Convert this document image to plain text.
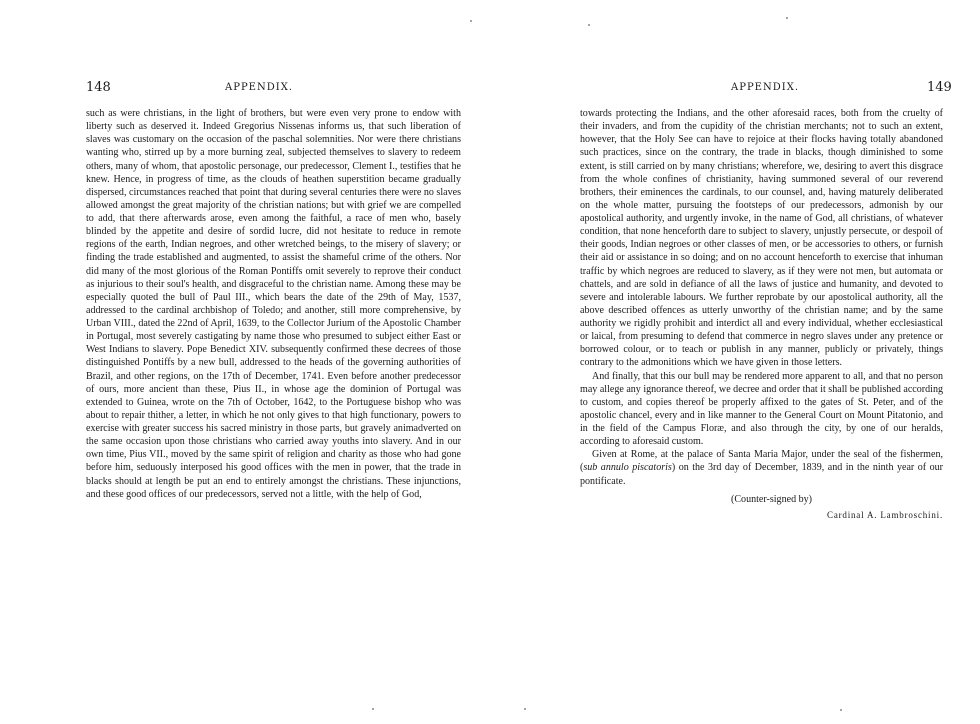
148	APPENDIX.

such as were christians, in the light of brothers, but were even very prone to endow with liberty such as deserved it. Indeed Gregorius Nissenas informs us, that such liberation of slaves was customary on the occasion of the paschal solemnities. Nor were there christians wanting who, stirred up by a more burning zeal, subjected themselves to slavery to redeem others, many of whom, that apostolic personage, our predecessor, Clement I., testifies that he knew. Hence, in progress of time, as the clouds of heathen superstition became gradually dispersed, circumstances reached that point that during several centuries there were no slaves allowed amongst the great majority of the christian nations; but with grief we are compelled to add, that there afterwards arose, even among the faithful, a race of men who, basely blinded by the appetite and desire of sordid lucre, did not hesitate to reduce in remote regions of the earth, Indian negroes, and other wretched beings, to the misery of slavery; or finding the trade established and augmented, to assist the shameful crime of the others. Nor did many of the most glorious of the Roman Pontiffs omit severely to reprove their conduct as injurious to their soul's health, and disgraceful to the christian name. Among these may be especially quoted the bull of Paul III., which bears the date of the 29th of May, 1537, addressed to the cardinal archbishop of Toledo; and another, still more comprehensive, by Urban VIII., dated the 22nd of April, 1639, to the Collector Jurium of the Apostolic Chamber in Portugal, most severely castigating by name those who presumed to subject either East or West Indians to slavery. Pope Benedict XIV. subsequently confirmed these decrees of those distinguished Pontiffs by a new bull, addressed to the heads of the governing authorities of Brazil, and other regions, on the 17th of December, 1741. Even before another predecessor of ours, more ancient than these, Pius II., in whose age the dominion of Portugal was extended to Guinea, wrote on the 7th of October, 1642, to the Portuguese bishop who was about to repair thither, a letter, in which he not only gives to that high functionary, powers to exercise with greater success his sacred ministry in those parts, but gravely animadverted on the same occasion upon those christians who carried away youths into slavery. And in our own time, Pius VII., moved by the same spirit of religion and charity as those who had gone before him, seduously interposed his good offices with the men in power, that the trade in blacks should at length be put an end to entirely amongst the christians. These injunctions, and these good offices of our predecessors, served not a little, with the help of God,

APPENDIX.	149

towards protecting the Indians, and the other aforesaid races, both from the cruelty of their invaders, and from the cupidity of the christian merchants; not to such an extent, however, that the Holy See can have to rejoice at their flocks having totally abandoned such practices, since on the contrary, the trade in blacks, though diminished to some extent, is still carried on by many christians; wherefore, we, desiring to avert this disgrace from the whole confines of christianity, having summoned several of our reverend brothers, their eminences the cardinals, to our counsel, and, having maturely deliberated on the whole matter, pursuing the footsteps of our predecessors, admonish by our apostolical authority, and urgently invoke, in the name of God, all christians, of whatever condition, that none henceforth dare to subject to slavery, unjustly persecute, or despoil of their goods, Indian negroes or other classes of men, or be accessories to others, or furnish their aid or assistance in so doing; and on no account henceforth to exercise that inhuman traffic by which negroes are reduced to slavery, as if they were not men, but automata or chattels, and are sold in defiance of all the laws of justice and humanity, and devoted to severe and intolerable labours. We further reprobate by our apostolical authority, all the above described offences as utterly unworthy of the christian name; and by the same authority we rigidly prohibit and interdict all and every individual, whether ecclesiastical or laical, from presuming to defend that commerce in negro slaves under any pretence or borrowed colour, or to teach or publish in any manner, publicly or privately, things contrary to the admonitions which we have given in those letters.

And finally, that this our bull may be rendered more apparent to all, and that no person may allege any ignorance thereof, we decree and order that it shall be published according to custom, and copies thereof be properly affixed to the gates of St. Peter, and of the apostolic chancel, every and in like manner to the General Court on Mount Pitatonio, and in the field of the Campus Floræ, and also through the city, by one of our heralds, according to aforesaid custom.

Given at Rome, at the palace of Santa Maria Major, under the seal of the fishermen, (sub annulo piscatoris) on the 3rd day of December, 1839, and in the ninth year of our pontificate.

(Counter-signed by)

Cardinal A. Lambroschini.
